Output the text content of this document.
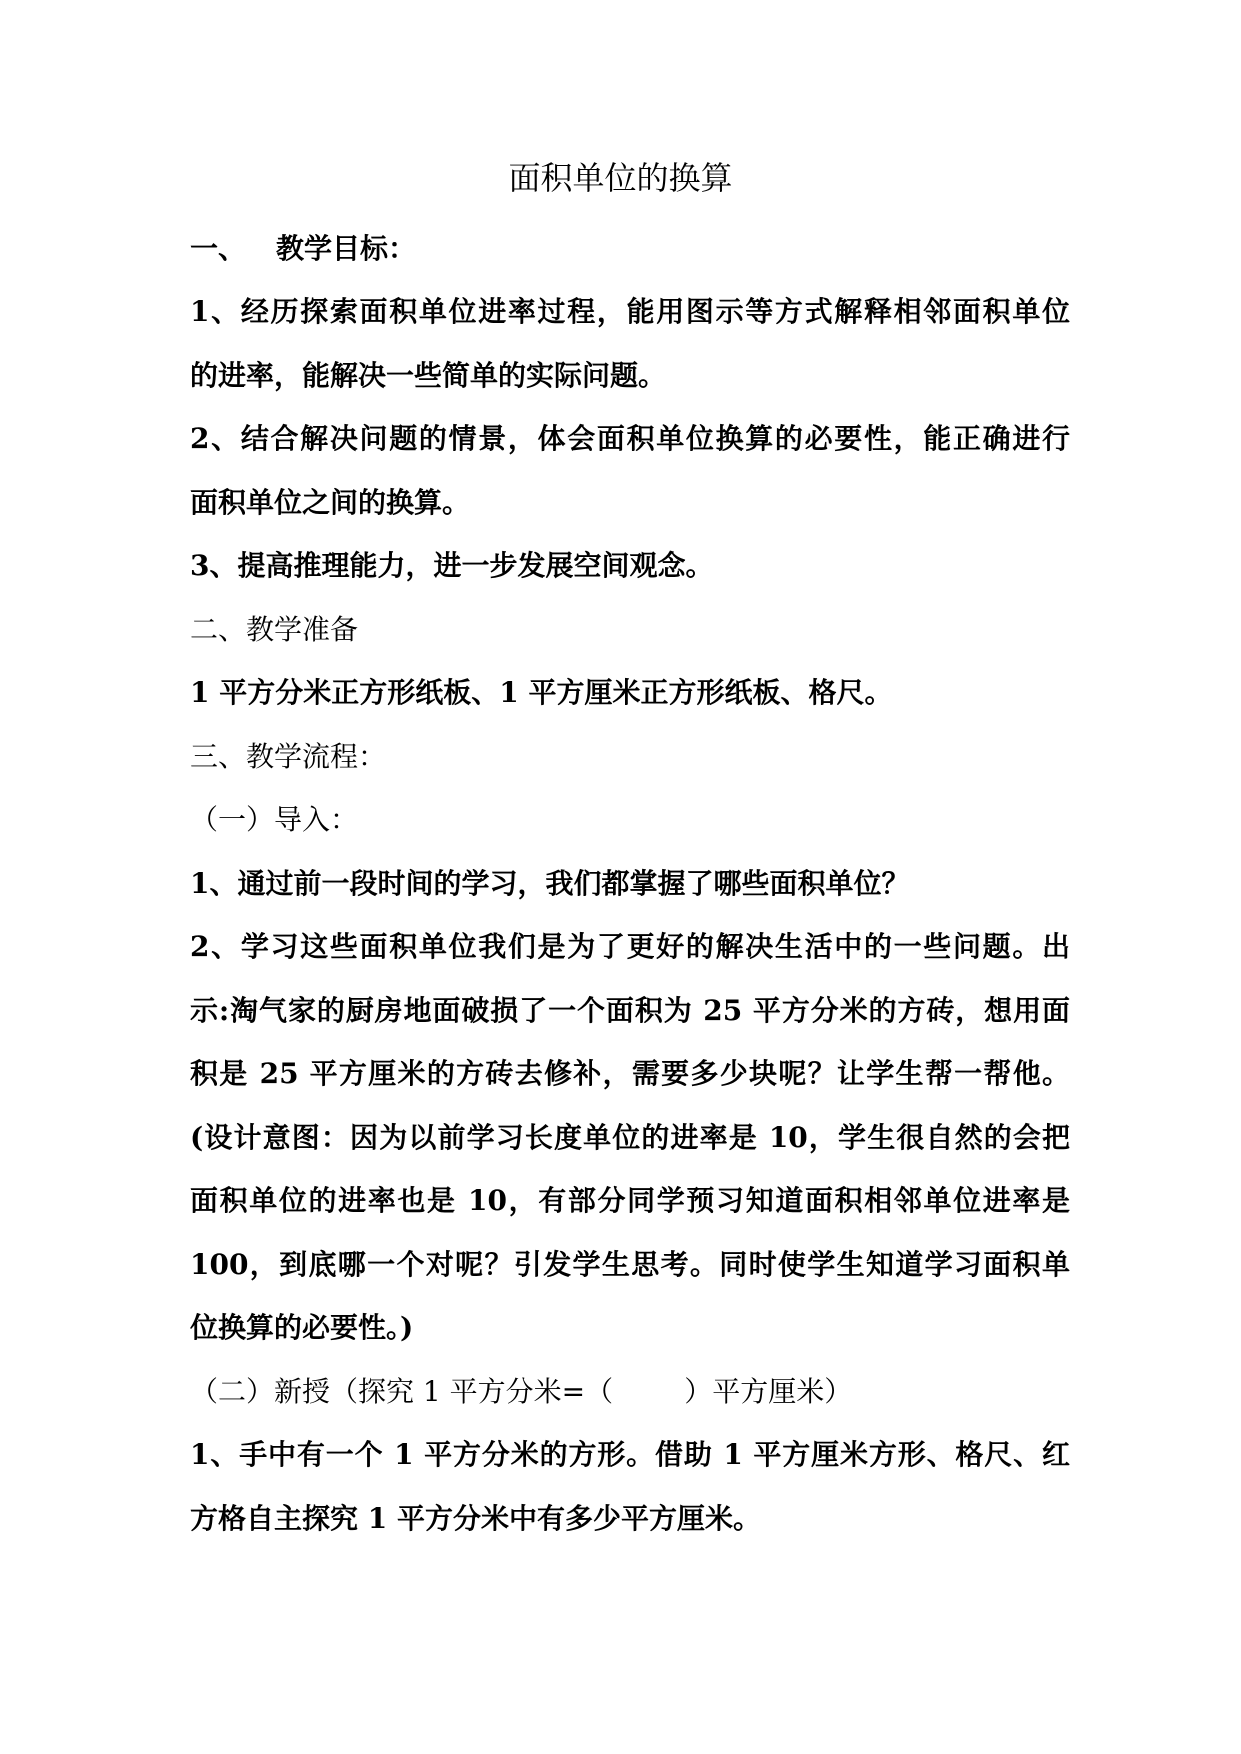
面积单位的换算
一、 教学目标：
1、经历探索面积单位进率过程，能用图示等方式解释相邻面积单位
的进率，能解决一些简单的实际问题。
2、结合解决问题的情景，体会面积单位换算的必要性，能正确进行
面积单位之间的换算。
3、提高推理能力，进一步发展空间观念。
二、教学准备
1 平方分米正方形纸板、1 平方厘米正方形纸板、格尺。
三、教学流程：
（一）导入：
1、通过前一段时间的学习，我们都掌握了哪些面积单位？
2、学习这些面积单位我们是为了更好的解决生活中的一些问题。出
示:淘气家的厨房地面破损了一个面积为 25 平方分米的方砖，想用面
积是 25 平方厘米的方砖去修补，需要多少块呢？让学生帮一帮他。
(设计意图：因为以前学习长度单位的进率是 10，学生很自然的会把
面积单位的进率也是 10，有部分同学预习知道面积相邻单位进率是
100，到底哪一个对呢？引发学生思考。同时使学生知道学习面积单
位换算的必要性。)
（二）新授（探究 1 平方分米=（        ）平方厘米）
1、手中有一个 1 平方分米的方形。借助 1 平方厘米方形、格尺、红
方格自主探究 1 平方分米中有多少平方厘米。
